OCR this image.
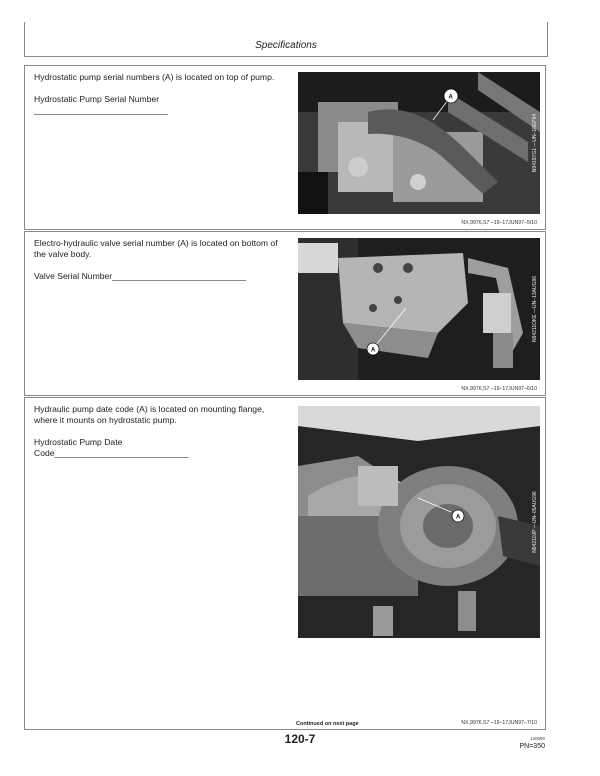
Specifications

Hydrostatic pump serial numbers (A) is located on top of pump.

Hydrostatic Pump Serial Number
____________________________
A
N94197G1 —UN–18EP94
NX,9976,S7 –19–17JUN97–5/10

Electro-hydraulic valve serial number (A) is located on bottom of the valve body.

Valve Serial Number____________________________
A
N94211OKE —UN–13AUG96
NX,9976,S7 –19–17JUN97–6/10

Hydraulic pump date code (A) is located on mounting flange, where it mounts on hydrostatic pump.

Hydrostatic Pump Date
Code____________________________
A	N94210JP —UN–05AUG96
NX,9976,S7 –19–17JUN97–7/10
Continued on next page
120-7	120690
PN=350
